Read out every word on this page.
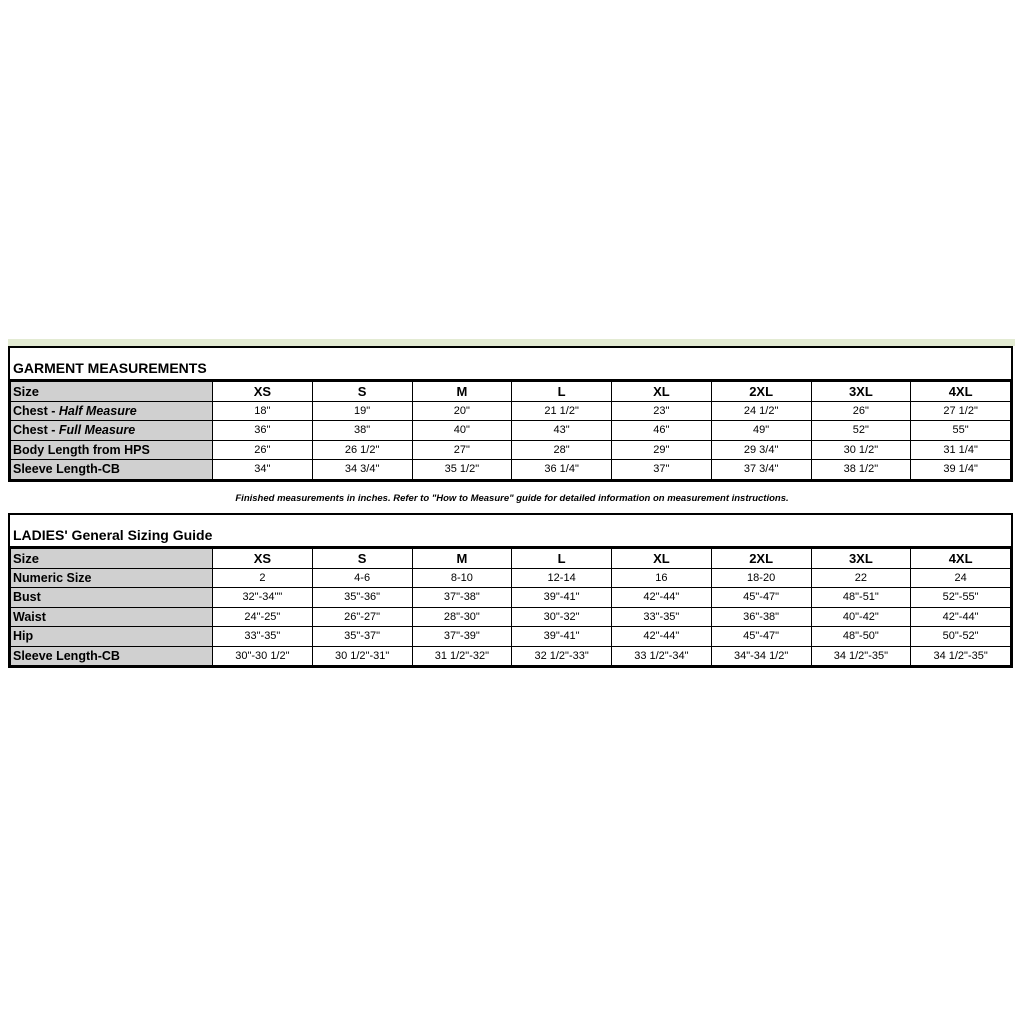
GARMENT MEASUREMENTS
Size	XS	S	M	L	XL	2XL	3XL	4XL
Chest - Half Measure	18"	19"	20"	21 1/2"	23"	24 1/2"	26"	27 1/2"
Chest - Full Measure	36"	38"	40"	43"	46"	49"	52"	55"
Body Length from HPS	26"	26 1/2"	27"	28"	29"	29 3/4"	30 1/2"	31 1/4"
Sleeve Length-CB	34"	34 3/4"	35 1/2"	36 1/4"	37"	37 3/4"	38 1/2"	39 1/4"
Finished measurements in inches. Refer to "How to Measure" guide for detailed information on measurement instructions.
LADIES' General Sizing Guide
Size	XS	S	M	L	XL	2XL	3XL	4XL
Numeric Size	2	4-6	8-10	12-14	16	18-20	22	24
Bust	32"-34""	35"-36"	37"-38"	39"-41"	42"-44"	45"-47"	48"-51"	52"-55"
Waist	24"-25"	26"-27"	28"-30"	30"-32"	33"-35"	36"-38"	40"-42"	42"-44"
Hip	33"-35"	35"-37"	37"-39"	39"-41"	42"-44"	45"-47"	48"-50"	50"-52"
Sleeve Length-CB	30"-30 1/2"	30 1/2"-31"	31 1/2"-32"	32 1/2"-33"	33 1/2"-34"	34"-34 1/2"	34 1/2"-35"	34 1/2"-35"
